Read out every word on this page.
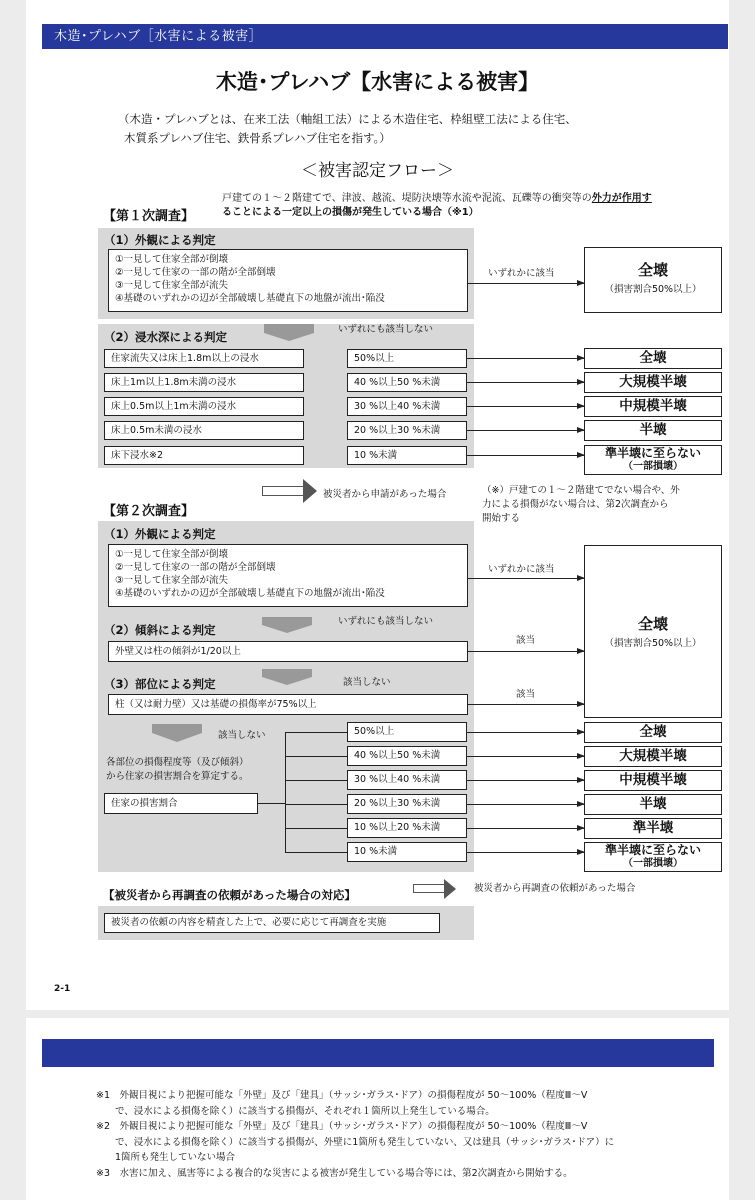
木造･プレハブ［水害による被害］
木造･プレハブ【水害による被害】
（木造・プレハブとは、在来工法（軸組工法）による木造住宅、枠組壁工法による住宅、
木質系プレハブ住宅、鉄骨系プレハブ住宅を指す。）
＜被害認定フロー＞
【第１次調査】
戸建ての１～２階建てで、津波、越流、堤防決壊等水流や泥流、瓦礫等の衝突等の外力が作用す
ることによる一定以上の損傷が発生している場合（※1）
（1）外観による判定
①一見して住家全部が倒壊
②一見して住家の一部の階が全部倒壊
③一見して住家全部が流失
④基礎のいずれかの辺が全部破壊し基礎直下の地盤が流出･陥没
いずれかに該当	全壊
（損害割合50%以上）
（2）浸水深による判定
いずれにも該当しない
住家流失又は床上1.8m以上の浸水	50%以上	全壊
床上1m以上1.8m未満の浸水	40 %以上50 %未満	大規模半壊
床上0.5m以上1m未満の浸水	30 %以上40 %未満	中規模半壊
床上0.5m未満の浸水	20 %以上30 %未満	半壊
床下浸水※2	10 %未満	準半壊に至らない
（一部損壊）
被災者から申請があった場合	（※）戸建ての１～２階建てでない場合や、外
力による損傷がない場合は、第2次調査から
開始する
【第２次調査】
（1）外観による判定
①一見して住家全部が倒壊
②一見して住家の一部の階が全部倒壊
③一見して住家全部が流失
④基礎のいずれかの辺が全部破壊し基礎直下の地盤が流出･陥没
いずれかに該当
いずれにも該当しない
（2）傾斜による判定
外壁又は柱の傾斜が1/20以上
該当
該当しない
（3）部位による判定
柱（又は耐力壁）又は基礎の損傷率が75%以上
該当
全壊
（損害割合50%以上）
該当しない
各部位の損傷程度等（及び傾斜）
から住家の損害割合を算定する。
住家の損害割合
50%以上	全壊
40 %以上50 %未満	大規模半壊
30 %以上40 %未満	中規模半壊
20 %以上30 %未満	半壊
10 %以上20 %未満	準半壊
10 %未満	準半壊に至らない
（一部損壊）
【被災者から再調査の依頼があった場合の対応】	被災者から再調査の依頼があった場合
被災者の依頼の内容を精査した上で、必要に応じて再調査を実施
2-1
※1　外観目視により把握可能な「外壁」及び「建具」（サッシ･ガラス･ドア）の損傷程度が 50～100%（程度Ⅲ～Ⅴ
　　で、浸水による損傷を除く）に該当する損傷が、それぞれ１箇所以上発生している場合。
※2　外観目視により把握可能な「外壁」及び「建具」（サッシ･ガラス･ドア）の損傷程度が 50～100%（程度Ⅲ～Ⅴ
　　で、浸水による損傷を除く）に該当する損傷が、外壁に1箇所も発生していない、又は建具（サッシ･ガラス･ドア）に
　　1箇所も発生していない場合
※3　水害に加え、風害等による複合的な災害による被害が発生している場合等には、第2次調査から開始する。
